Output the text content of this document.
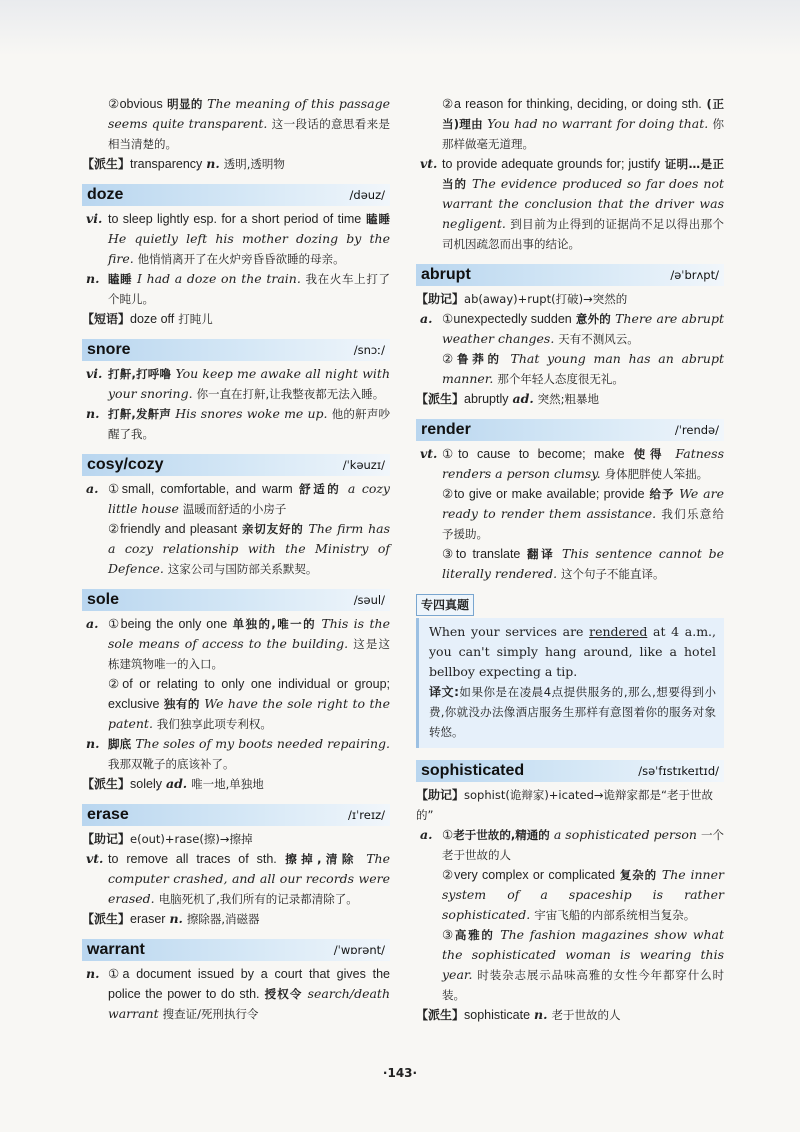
②obvious 明显的 The meaning of this passage seems quite transparent. 这一段话的意思看来是相当清楚的。
【派生】transparency n. 透明,透明物
doze	/dəuz/
vi. to sleep lightly esp. for a short period of time 瞌睡 He quietly left his mother dozing by the fire. 他悄悄离开了在火炉旁昏昏欲睡的母亲。
n. 瞌睡 I had a doze on the train. 我在火车上打了个盹儿。
【短语】doze off 打盹儿
snore	/snɔː/
vi. 打鼾,打呼噜 You keep me awake all night with your snoring. 你一直在打鼾,让我整夜都无法入睡。
n. 打鼾,发鼾声 His snores woke me up. 他的鼾声吵醒了我。
cosy/cozy	/ˈkəuzɪ/
a. ①small, comfortable, and warm 舒适的 a cozy little house 温暖而舒适的小房子
②friendly and pleasant 亲切友好的 The firm has a cozy relationship with the Ministry of Defence. 这家公司与国防部关系默契。
sole	/səul/
a. ①being the only one 单独的,唯一的 This is the sole means of access to the building. 这是这栋建筑物唯一的入口。
②of or relating to only one individual or group; exclusive 独有的 We have the sole right to the patent. 我们独享此项专利权。
n. 脚底 The soles of my boots needed repairing. 我那双靴子的底该补了。
【派生】solely ad. 唯一地,单独地
erase	/ɪˈreɪz/
【助记】e(out)+rase(擦)→擦掉
vt. to remove all traces of sth. 擦掉,清除 The computer crashed, and all our records were erased. 电脑死机了,我们所有的记录都清除了。
【派生】eraser n. 擦除器,消磁器
warrant	/ˈwɒrənt/
n. ①a document issued by a court that gives the police the power to do sth. 授权令 search/death warrant 搜查证/死刑执行令
②a reason for thinking, deciding, or doing sth. (正当)理由 You had no warrant for doing that. 你那样做毫无道理。
vt. to provide adequate grounds for; justify 证明…是正当的 The evidence produced so far does not warrant the conclusion that the driver was negligent. 到目前为止得到的证据尚不足以得出那个司机因疏忽而出事的结论。
abrupt	/əˈbrʌpt/
【助记】ab(away)+rupt(打破)→突然的
a. ①unexpectedly sudden 意外的 There are abrupt weather changes. 天有不测风云。
②鲁莽的 That young man has an abrupt manner. 那个年轻人态度很无礼。
【派生】abruptly ad. 突然;粗暴地
render	/ˈrendə/
vt. ①to cause to become; make 使得 Fatness renders a person clumsy. 身体肥胖使人笨拙。
②to give or make available; provide 给予 We are ready to render them assistance. 我们乐意给予援助。
③to translate 翻译 This sentence cannot be literally rendered. 这个句子不能直译。
专四真题
When your services are rendered at 4 a.m., you can't simply hang around, like a hotel bellboy expecting a tip.
译文:如果你是在凌晨4点提供服务的,那么,想要得到小费,你就没办法像酒店服务生那样有意图着你的服务对象转悠。
sophisticated	/səˈfɪstɪkeɪtɪd/
【助记】sophist(诡辩家)+icated→诡辩家都是“老于世故的”
a. ①老于世故的,精通的 a sophisticated person 一个老于世故的人
②very complex or complicated 复杂的 The inner system of a spaceship is rather sophisticated. 宇宙飞船的内部系统相当复杂。
③高雅的 The fashion magazines show what the sophisticated woman is wearing this year. 时装杂志展示品味高雅的女性今年都穿什么时装。
【派生】sophisticate n. 老于世故的人
·143·
